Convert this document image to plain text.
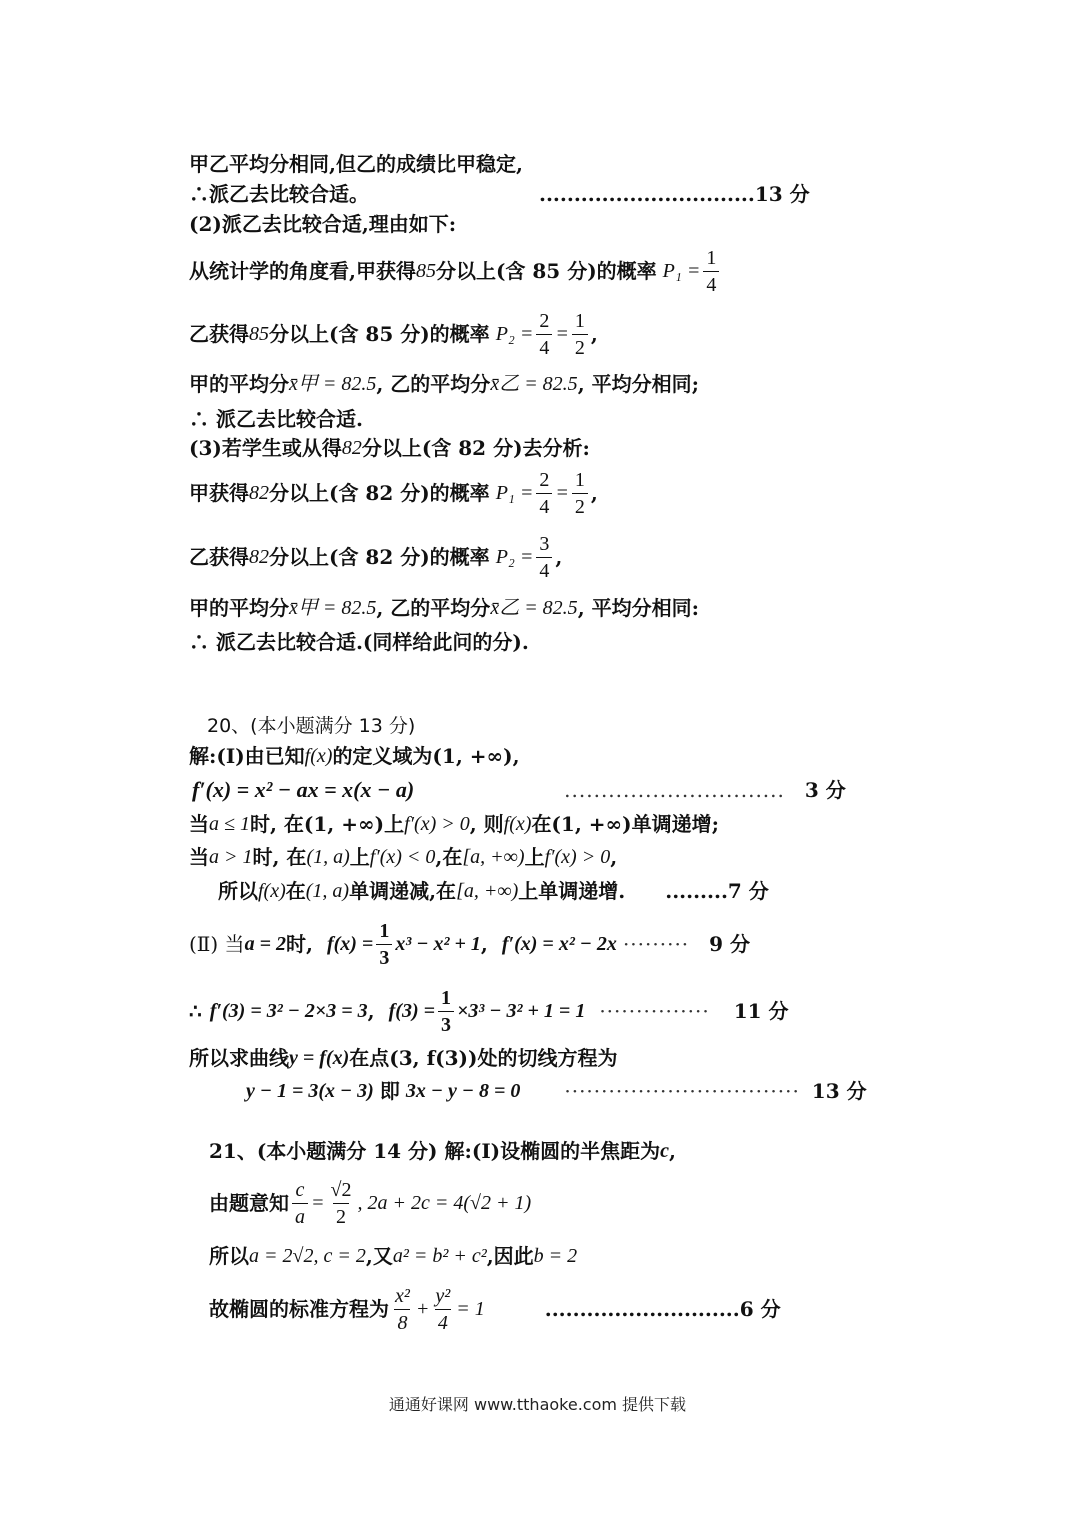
甲乙平均分相同,但乙的成绩比甲稳定,
∴派乙去比较合适。	...............................13 分
(2)派乙去比较合适,理由如下:
从统计学的角度看,甲获得 85 分以上(含 85 分)的概率 $P_1 = \frac{1}{4}$
乙获得 85 分以上(含 85 分)的概率 $P_2 = \frac{2}{4} = \frac{1}{2}$ ,
甲的平均分 x̄甲 = 82.5 , 乙的平均分 x̄乙 = 82.5 , 平均分相同;
∴ 派乙去比较合适.
(3)若学生或从得 82 分以上(含 82 分)去分析:
甲获得 82 分以上(含 82 分)的概率 $P_1 = \frac{2}{4} = \frac{1}{2}$ ,
乙获得 82 分以上(含 82 分)的概率 $P_2 = \frac{3}{4}$ ,
甲的平均分 x̄甲 = 82.5 , 乙的平均分 x̄乙 = 82.5 , 平均分相同:
∴ 派乙去比较合适.(同样给此问的分).
20、(本小题满分 13 分)
解:(Ⅰ)由已知 f(x) 的定义域为(1, +∞),
f′(x) = x² − ax = x(x − a)	.............................. 3 分
当 a ≤ 1 时, 在(1, +∞)上 f′(x) > 0 , 则 f(x) 在(1, +∞)单调递增;
当 a > 1 时, 在 (1, a) 上 f′(x) < 0 ,在 [a, +∞) 上 f′(x) > 0 ,
所以 f(x) 在 (1, a) 单调递减,在 [a, +∞) 上单调递增. .........7 分
(Ⅱ) 当 a = 2 时, $f(x) = \frac{1}{3} x^3 - x^2 + 1$ , f′(x) = x² − 2x ········· 9 分
∴ f′(3) = 3² − 2×3 = 3 , $f(3) = \frac{1}{3} \times 3^3 - 3^2 + 1 = 1$ ··············· 11 分
所以求曲线 y = f(x) 在点(3, f(3))处的切线方程为
y − 1 = 3(x − 3) 即 3x − y − 8 = 0 ································ 13 分
21、(本小题满分 14 分) 解:(Ⅰ)设椭圆的半焦距为 c ,
由题意知 $\frac{c}{a} = \frac{√2}{2}$ , 2a + 2c = 4(√2 + 1)
所以 a = 2√2, c = 2 ,又 a² = b² + c² ,因此 b = 2
故椭圆的标准方程为 $\frac{\text{x²}}{8} + \frac{\text{y²}}{4} = 1$	............................6 分
通通好课网 www.tthaoke.com 提供下载
